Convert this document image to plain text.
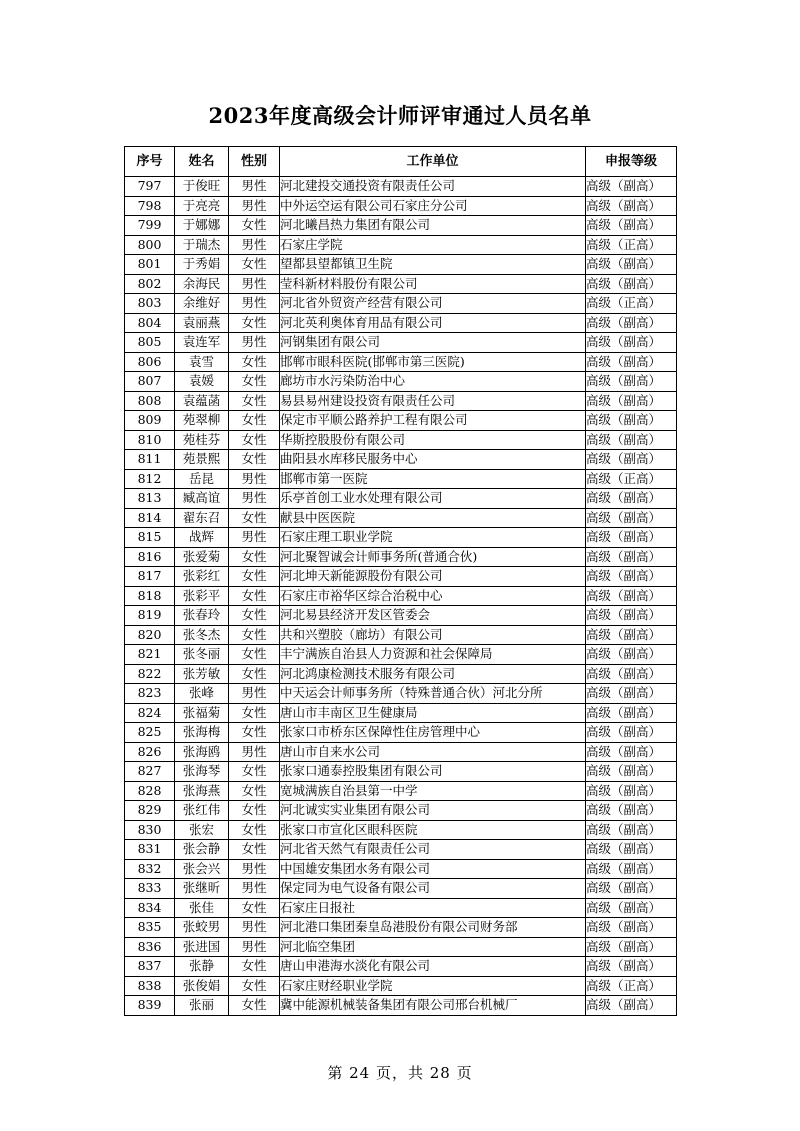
2023年度高级会计师评审通过人员名单
序号	姓名	性别	工作单位	申报等级
797	于俊旺	男性	河北建投交通投资有限责任公司	高级（副高）
798	于亮亮	男性	中外运空运有限公司石家庄分公司	高级（副高）
799	于娜娜	女性	河北曦昌热力集团有限公司	高级（副高）
800	于瑞杰	男性	石家庄学院	高级（正高）
801	于秀娟	女性	望都县望都镇卫生院	高级（副高）
802	余海民	男性	莹科新材料股份有限公司	高级（副高）
803	余维好	男性	河北省外贸资产经营有限公司	高级（正高）
804	袁丽燕	女性	河北英利奥体育用品有限公司	高级（副高）
805	袁连军	男性	河钢集团有限公司	高级（副高）
806	袁雪	女性	邯郸市眼科医院(邯郸市第三医院)	高级（副高）
807	袁媛	女性	廊坊市水污染防治中心	高级（副高）
808	袁蕴菡	女性	易县易州建设投资有限责任公司	高级（副高）
809	苑翠柳	女性	保定市平顺公路养护工程有限公司	高级（副高）
810	苑桂芬	女性	华斯控股股份有限公司	高级（副高）
811	苑景熙	女性	曲阳县水库移民服务中心	高级（副高）
812	岳昆	男性	邯郸市第一医院	高级（正高）
813	臧高谊	男性	乐亭首创工业水处理有限公司	高级（副高）
814	翟东召	女性	献县中医医院	高级（副高）
815	战辉	男性	石家庄理工职业学院	高级（副高）
816	张爱菊	女性	河北聚智诚会计师事务所(普通合伙)	高级（副高）
817	张彩红	女性	河北坤天新能源股份有限公司	高级（副高）
818	张彩平	女性	石家庄市裕华区综合治税中心	高级（副高）
819	张春玲	女性	河北易县经济开发区管委会	高级（副高）
820	张冬杰	女性	共和兴塑胶（廊坊）有限公司	高级（副高）
821	张冬丽	女性	丰宁满族自治县人力资源和社会保障局	高级（副高）
822	张芳敏	女性	河北鸿康检测技术服务有限公司	高级（副高）
823	张峰	男性	中天运会计师事务所（特殊普通合伙）河北分所	高级（副高）
824	张福菊	女性	唐山市丰南区卫生健康局	高级（副高）
825	张海梅	女性	张家口市桥东区保障性住房管理中心	高级（副高）
826	张海鸥	男性	唐山市自来水公司	高级（副高）
827	张海琴	女性	张家口通泰控股集团有限公司	高级（副高）
828	张海燕	女性	宽城满族自治县第一中学	高级（副高）
829	张红伟	女性	河北诚实实业集团有限公司	高级（副高）
830	张宏	女性	张家口市宣化区眼科医院	高级（副高）
831	张会静	女性	河北省天然气有限责任公司	高级（副高）
832	张会兴	男性	中国雄安集团水务有限公司	高级（副高）
833	张继昕	男性	保定同为电气设备有限公司	高级（副高）
834	张佳	女性	石家庄日报社	高级（副高）
835	张蛟男	男性	河北港口集团秦皇岛港股份有限公司财务部	高级（副高）
836	张进国	男性	河北临空集团	高级（副高）
837	张静	女性	唐山申港海水淡化有限公司	高级（副高）
838	张俊娟	女性	石家庄财经职业学院	高级（正高）
839	张丽	女性	冀中能源机械装备集团有限公司邢台机械厂	高级（副高）
第 24 页，共 28 页
